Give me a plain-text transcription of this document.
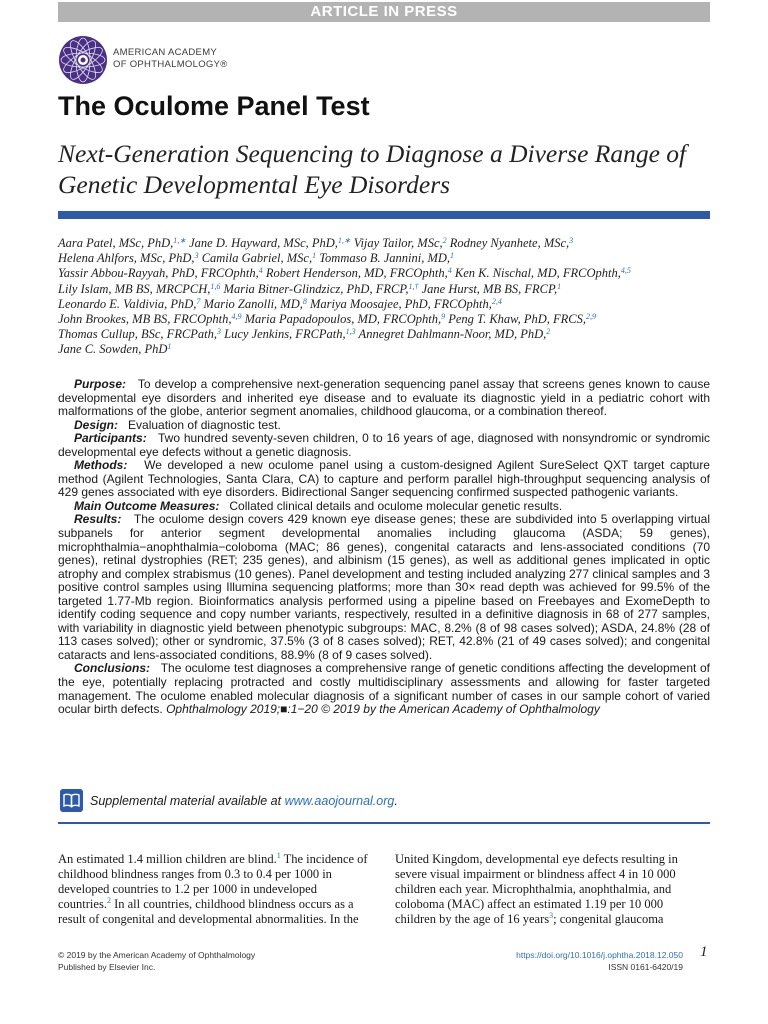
ARTICLE IN PRESS
AMERICAN ACADEMY
OF OPHTHALMOLOGY®
The Oculome Panel Test
Next-Generation Sequencing to Diagnose a Diverse Range of
Genetic Developmental Eye Disorders
Aara Patel, MSc, PhD,$^{1,∗}$ Jane D. Hayward, MSc, PhD,$^{1,∗}$ Vijay Tailor, MSc,$^2$ Rodney Nyanhete, MSc,$^3$
Helena Ahlfors, MSc, PhD,$^3$ Camila Gabriel, MSc,$^1$ Tommaso B. Jannini, MD,$^1$
Yassir Abbou-Rayyah, PhD, FRCOphth,$^4$ Robert Henderson, MD, FRCOphth,$^4$ Ken K. Nischal, MD, FRCOphth,$^{4,5}$
Lily Islam, MB BS, MRCPCH,$^{1,6}$ Maria Bitner-Glindzicz, PhD, FRCP,$^{1,\dagger}$ Jane Hurst, MB BS, FRCP,$^1$
Leonardo E. Valdivia, PhD,$^7$ Mario Zanolli, MD,$^8$ Mariya Moosajee, PhD, FRCOphth,$^{2,4}$
John Brookes, MB BS, FRCOphth,$^{4,9}$ Maria Papadopoulos, MD, FRCOphth,$^9$ Peng T. Khaw, PhD, FRCS,$^{2,9}$
Thomas Cullup, BSc, FRCPath,$^3$ Lucy Jenkins, FRCPath,$^{1,3}$ Annegret Dahlmann-Noor, MD, PhD,$^2$
Jane C. Sowden, PhD$^1$

Purpose: To develop a comprehensive next-generation sequencing panel assay that screens genes known to cause developmental eye disorders and inherited eye disease and to evaluate its diagnostic yield in a pediatric cohort with malformations of the globe, anterior segment anomalies, childhood glaucoma, or a combination thereof.

Design: Evaluation of diagnostic test.

Participants: Two hundred seventy-seven children, 0 to 16 years of age, diagnosed with nonsyndromic or syndromic developmental eye defects without a genetic diagnosis.

Methods: We developed a new oculome panel using a custom-designed Agilent SureSelect QXT target capture method (Agilent Technologies, Santa Clara, CA) to capture and perform parallel high-throughput sequencing analysis of 429 genes associated with eye disorders. Bidirectional Sanger sequencing confirmed suspected pathogenic variants.

Main Outcome Measures: Collated clinical details and oculome molecular genetic results.

Results: The oculome design covers 429 known eye disease genes; these are subdivided into 5 overlapping virtual subpanels for anterior segment developmental anomalies including glaucoma (ASDA; 59 genes), microphthalmia−anophthalmia−coloboma (MAC; 86 genes), congenital cataracts and lens-associated conditions (70 genes), retinal dystrophies (RET; 235 genes), and albinism (15 genes), as well as additional genes implicated in optic atrophy and complex strabismus (10 genes). Panel development and testing included analyzing 277 clinical samples and 3 positive control samples using Illumina sequencing platforms; more than 30× read depth was achieved for 99.5% of the targeted 1.77-Mb region. Bioinformatics analysis performed using a pipeline based on Freebayes and ExomeDepth to identify coding sequence and copy number variants, respectively, resulted in a definitive diagnosis in 68 of 277 samples, with variability in diagnostic yield between phenotypic subgroups: MAC, 8.2% (8 of 98 cases solved); ASDA, 24.8% (28 of 113 cases solved); other or syndromic, 37.5% (3 of 8 cases solved); RET, 42.8% (21 of 49 cases solved); and congenital cataracts and lens-associated conditions, 88.9% (8 of 9 cases solved).

Conclusions: The oculome test diagnoses a comprehensive range of genetic conditions affecting the development of the eye, potentially replacing protracted and costly multidisciplinary assessments and allowing for faster targeted management. The oculome enabled molecular diagnosis of a significant number of cases in our sample cohort of varied ocular birth defects. Ophthalmology 2019;■:1−20 © 2019 by the American Academy of Ophthalmology

Supplemental material available at www.aaojournal.org.
An estimated 1.4 million children are blind.$^1$ The incidence of
childhood blindness ranges from 0.3 to 0.4 per 1000 in
developed countries to 1.2 per 1000 in undeveloped
countries.$^2$ In all countries, childhood blindness occurs as a
result of congenital and developmental abnormalities. In the
United Kingdom, developmental eye defects resulting in
severe visual impairment or blindness affect 4 in 10 000
children each year. Microphthalmia, anophthalmia, and
coloboma (MAC) affect an estimated 1.19 per 10 000
children by the age of 16 years$^3$; congenital glaucoma
© 2019 by the American Academy of Ophthalmology
Published by Elsevier Inc.
https://doi.org/10.1016/j.ophtha.2018.12.050
ISSN 0161-6420/19
1
